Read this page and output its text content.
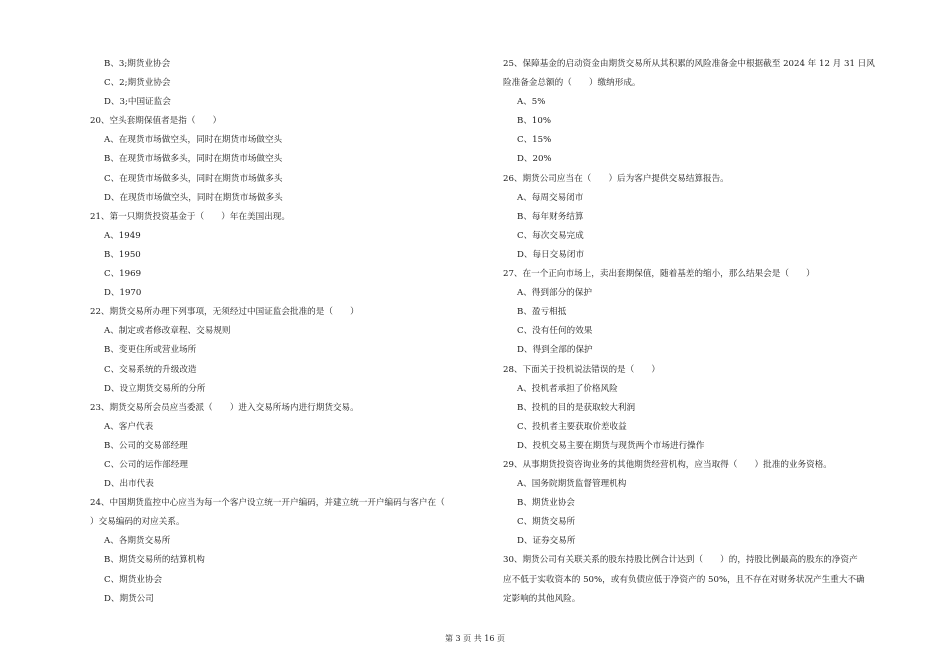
B、3;期货业协会
C、2;期货业协会
D、3;中国证监会
20、空头套期保值者是指（　　）
A、在现货市场做空头，同时在期货市场做空头
B、在现货市场做多头，同时在期货市场做空头
C、在现货市场做多头，同时在期货市场做多头
D、在现货市场做空头，同时在期货市场做多头
21、第一只期货投资基金于（　　）年在美国出现。
A、1949
B、1950
C、1969
D、1970
22、期货交易所办理下列事项，无须经过中国证监会批准的是（　　）
A、制定或者修改章程、交易规则
B、变更住所或营业场所
C、交易系统的升级改造
D、设立期货交易所的分所
23、期货交易所会员应当委派（　　）进入交易所场内进行期货交易。
A、客户代表
B、公司的交易部经理
C、公司的运作部经理
D、出市代表
24、中国期货监控中心应当为每一个客户设立统一开户编码，并建立统一开户编码与客户在（
）交易编码的对应关系。
A、各期货交易所
B、期货交易所的结算机构
C、期货业协会
D、期货公司
25、保障基金的启动资金由期货交易所从其积累的风险准备金中根据截至 2024 年 12 月 31 日风
险准备金总额的（　　）缴纳形成。
A、5%
B、10%
C、15%
D、20%
26、期货公司应当在（　　）后为客户提供交易结算报告。
A、每周交易闭市
B、每年财务结算
C、每次交易完成
D、每日交易闭市
27、在一个正向市场上，卖出套期保值，随着基差的缩小，那么结果会是（　　）
A、得到部分的保护
B、盈亏相抵
C、没有任何的效果
D、得到全部的保护
28、下面关于投机说法错误的是（　　）
A、投机者承担了价格风险
B、投机的目的是获取较大利润
C、投机者主要获取价差收益
D、投机交易主要在期货与现货两个市场进行操作
29、从事期货投资咨询业务的其他期货经营机构，应当取得（　　）批准的业务资格。
A、国务院期货监督管理机构
B、期货业协会
C、期货交易所
D、证券交易所
30、期货公司有关联关系的股东持股比例合计达到（　　）的，持股比例最高的股东的净资产
应不低于实收资本的 50%，或有负债应低于净资产的 50%，且不存在对财务状况产生重大不确
定影响的其他风险。
第 3 页 共 16 页
